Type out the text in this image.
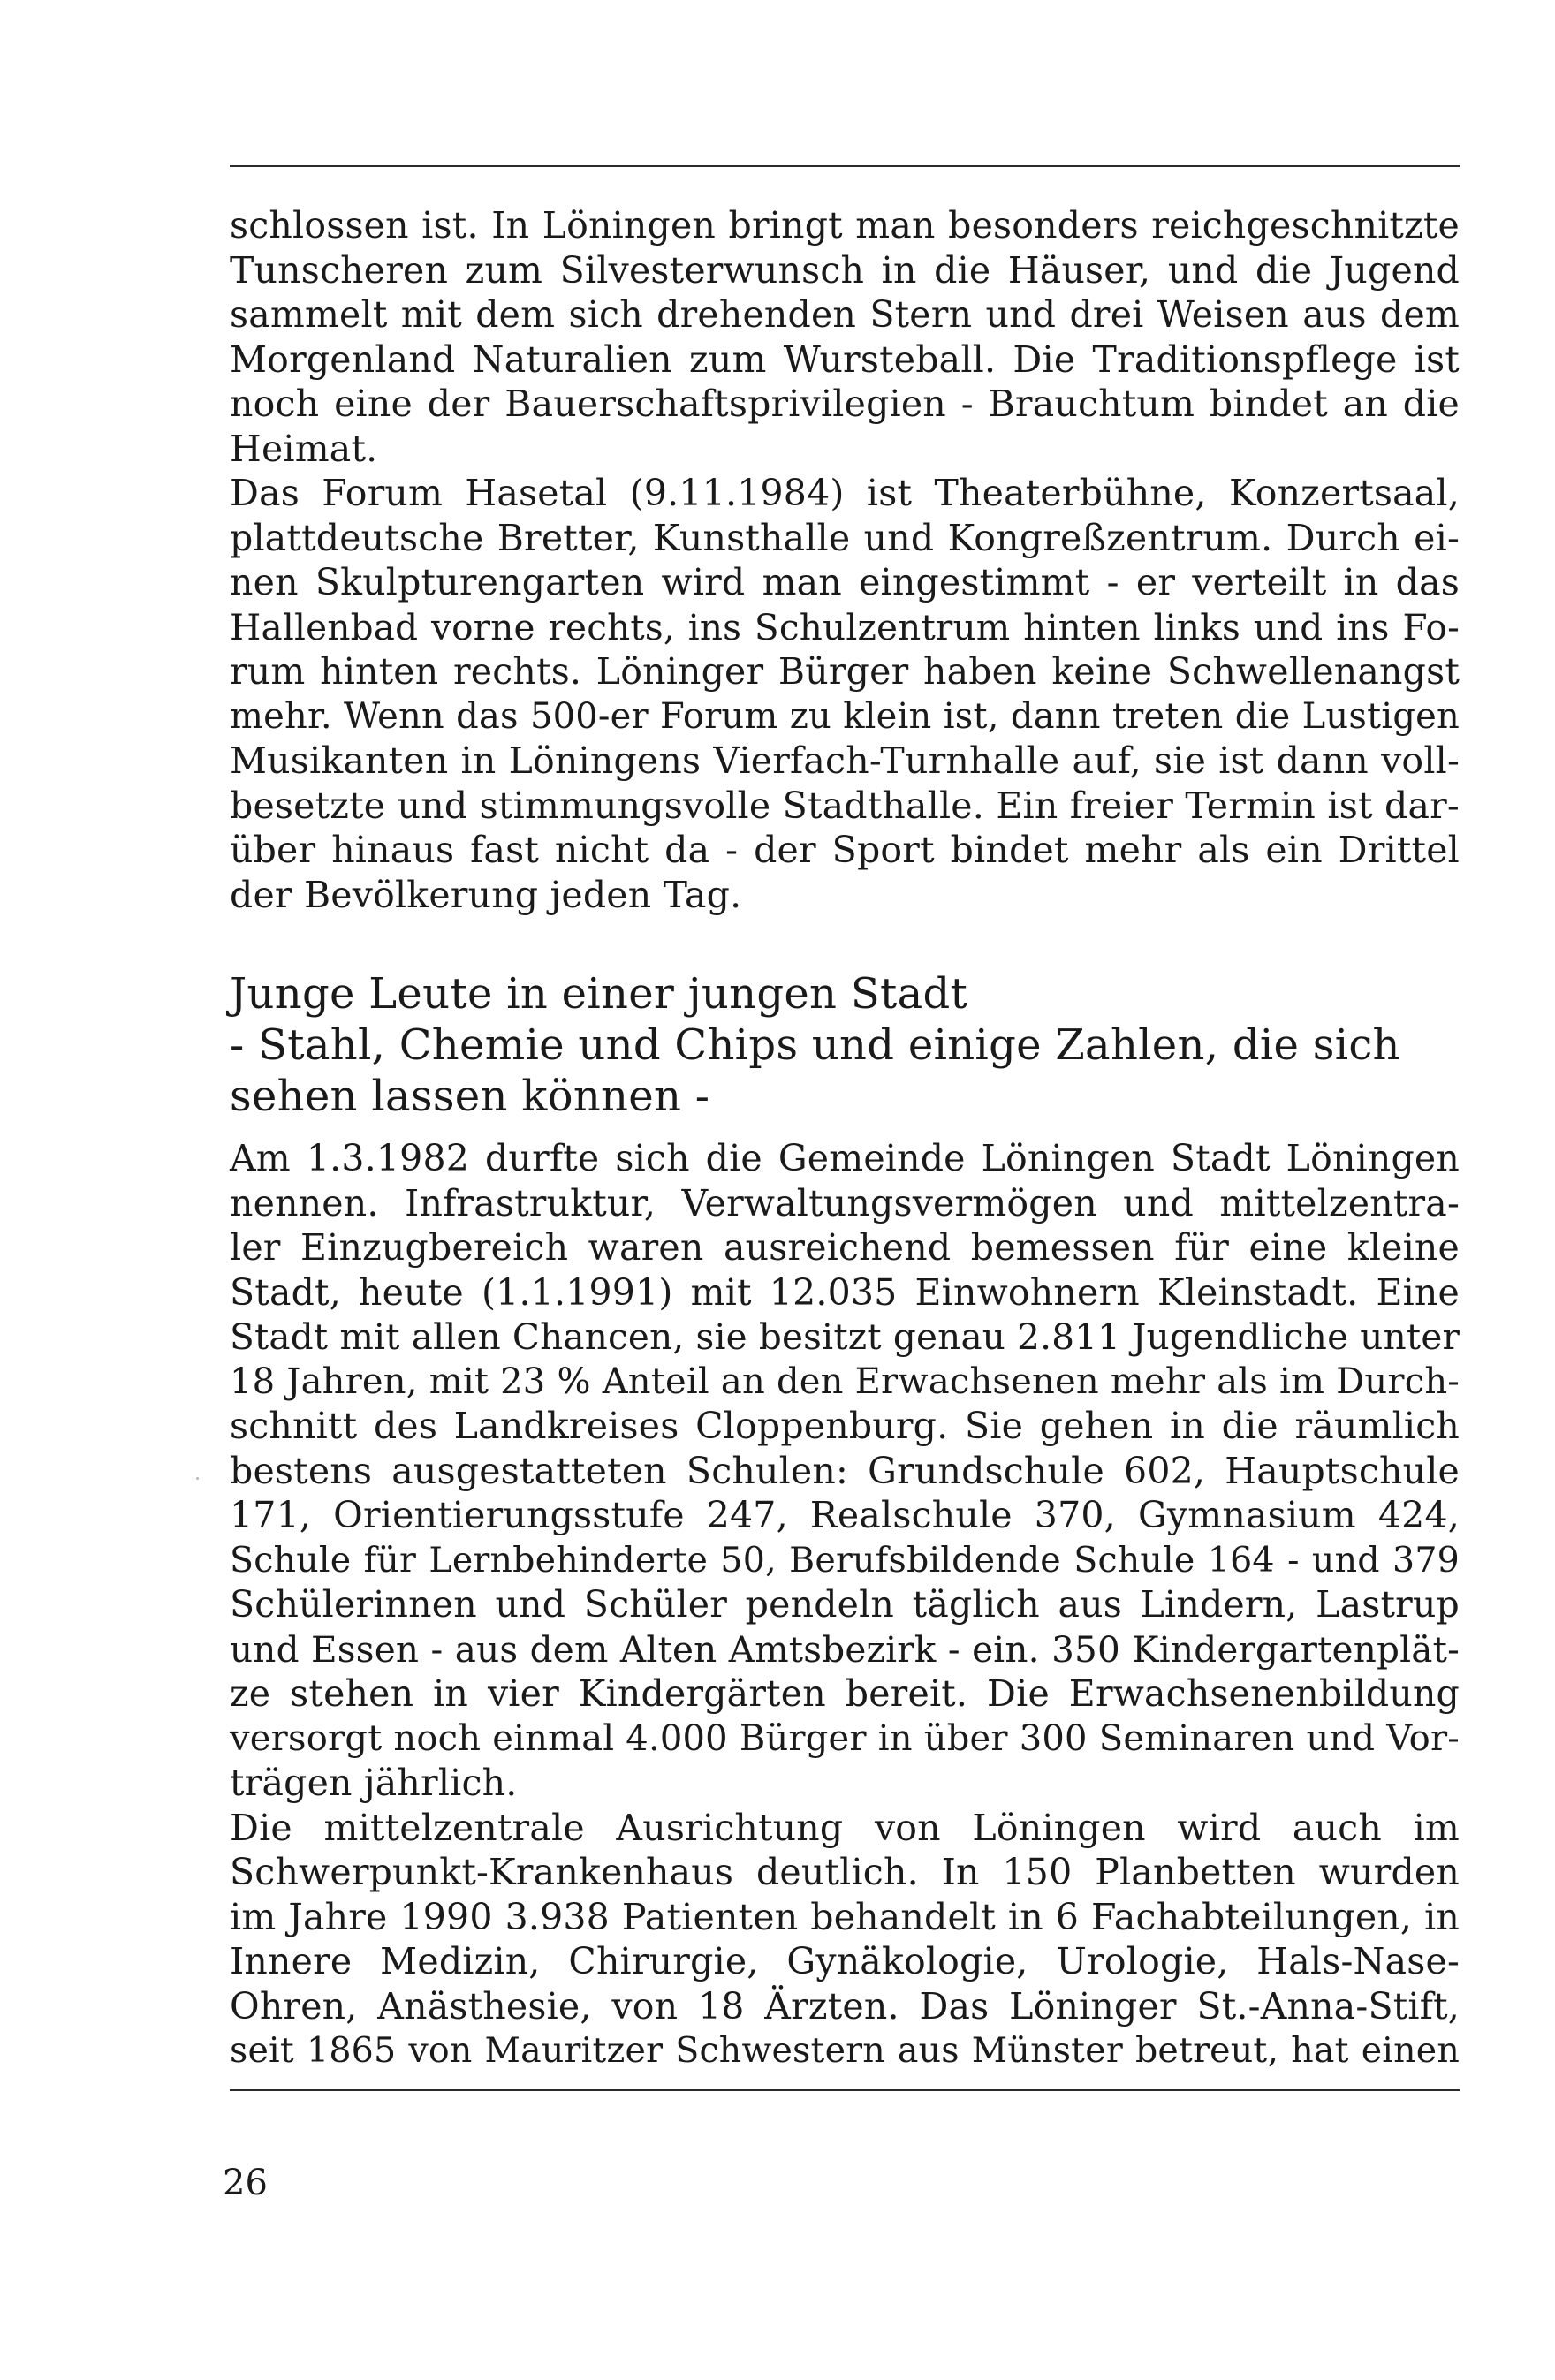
schlossen ist. In Löningen bringt man besonders reichgeschnitzte
Tunscheren zum Silvesterwunsch in die Häuser, und die Jugend
sammelt mit dem sich drehenden Stern und drei Weisen aus dem
Morgenland Naturalien zum Wursteball. Die Traditionspflege ist
noch eine der Bauerschaftsprivilegien - Brauchtum bindet an die
Heimat.
Das Forum Hasetal (9.11.1984) ist Theaterbühne, Konzertsaal,
plattdeutsche Bretter, Kunsthalle und Kongreßzentrum. Durch ei-
nen Skulpturengarten wird man eingestimmt - er verteilt in das
Hallenbad vorne rechts, ins Schulzentrum hinten links und ins Fo-
rum hinten rechts. Löninger Bürger haben keine Schwellenangst
mehr. Wenn das 500-er Forum zu klein ist, dann treten die Lustigen
Musikanten in Löningens Vierfach-Turnhalle auf, sie ist dann voll-
besetzte und stimmungsvolle Stadthalle. Ein freier Termin ist dar-
über hinaus fast nicht da - der Sport bindet mehr als ein Drittel
der Bevölkerung jeden Tag.
Junge Leute in einer jungen Stadt
- Stahl, Chemie und Chips und einige Zahlen, die sich
sehen lassen können -
Am 1.3.1982 durfte sich die Gemeinde Löningen Stadt Löningen
nennen. Infrastruktur, Verwaltungsvermögen und mittelzentra-
ler Einzugbereich waren ausreichend bemessen für eine kleine
Stadt, heute (1.1.1991) mit 12.035 Einwohnern Kleinstadt. Eine
Stadt mit allen Chancen, sie besitzt genau 2.811 Jugendliche unter
18 Jahren, mit 23 % Anteil an den Erwachsenen mehr als im Durch-
schnitt des Landkreises Cloppenburg. Sie gehen in die räumlich
bestens ausgestatteten Schulen: Grundschule 602, Hauptschule
171, Orientierungsstufe 247, Realschule 370, Gymnasium 424,
Schule für Lernbehinderte 50, Berufsbildende Schule 164 - und 379
Schülerinnen und Schüler pendeln täglich aus Lindern, Lastrup
und Essen - aus dem Alten Amtsbezirk - ein. 350 Kindergartenplät-
ze stehen in vier Kindergärten bereit. Die Erwachsenenbildung
versorgt noch einmal 4.000 Bürger in über 300 Seminaren und Vor-
trägen jährlich.
Die mittelzentrale Ausrichtung von Löningen wird auch im
Schwerpunkt-Krankenhaus deutlich. In 150 Planbetten wurden
im Jahre 1990 3.938 Patienten behandelt in 6 Fachabteilungen, in
Innere Medizin, Chirurgie, Gynäkologie, Urologie, Hals-Nase-
Ohren, Anästhesie, von 18 Ärzten. Das Löninger St.-Anna-Stift,
seit 1865 von Mauritzer Schwestern aus Münster betreut, hat einen
26
